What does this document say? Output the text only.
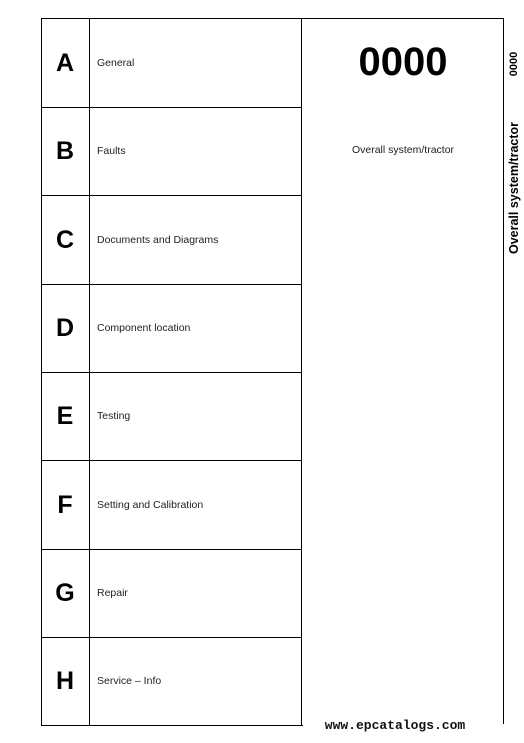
A	General
B	Faults
C	Documents and Diagrams
D	Component location
E	Testing
F	Setting and Calibration
G	Repair
H	Service – Info
0000
Overall system/tractor
0000
Overall system/tractor
www.epcatalogs.com
